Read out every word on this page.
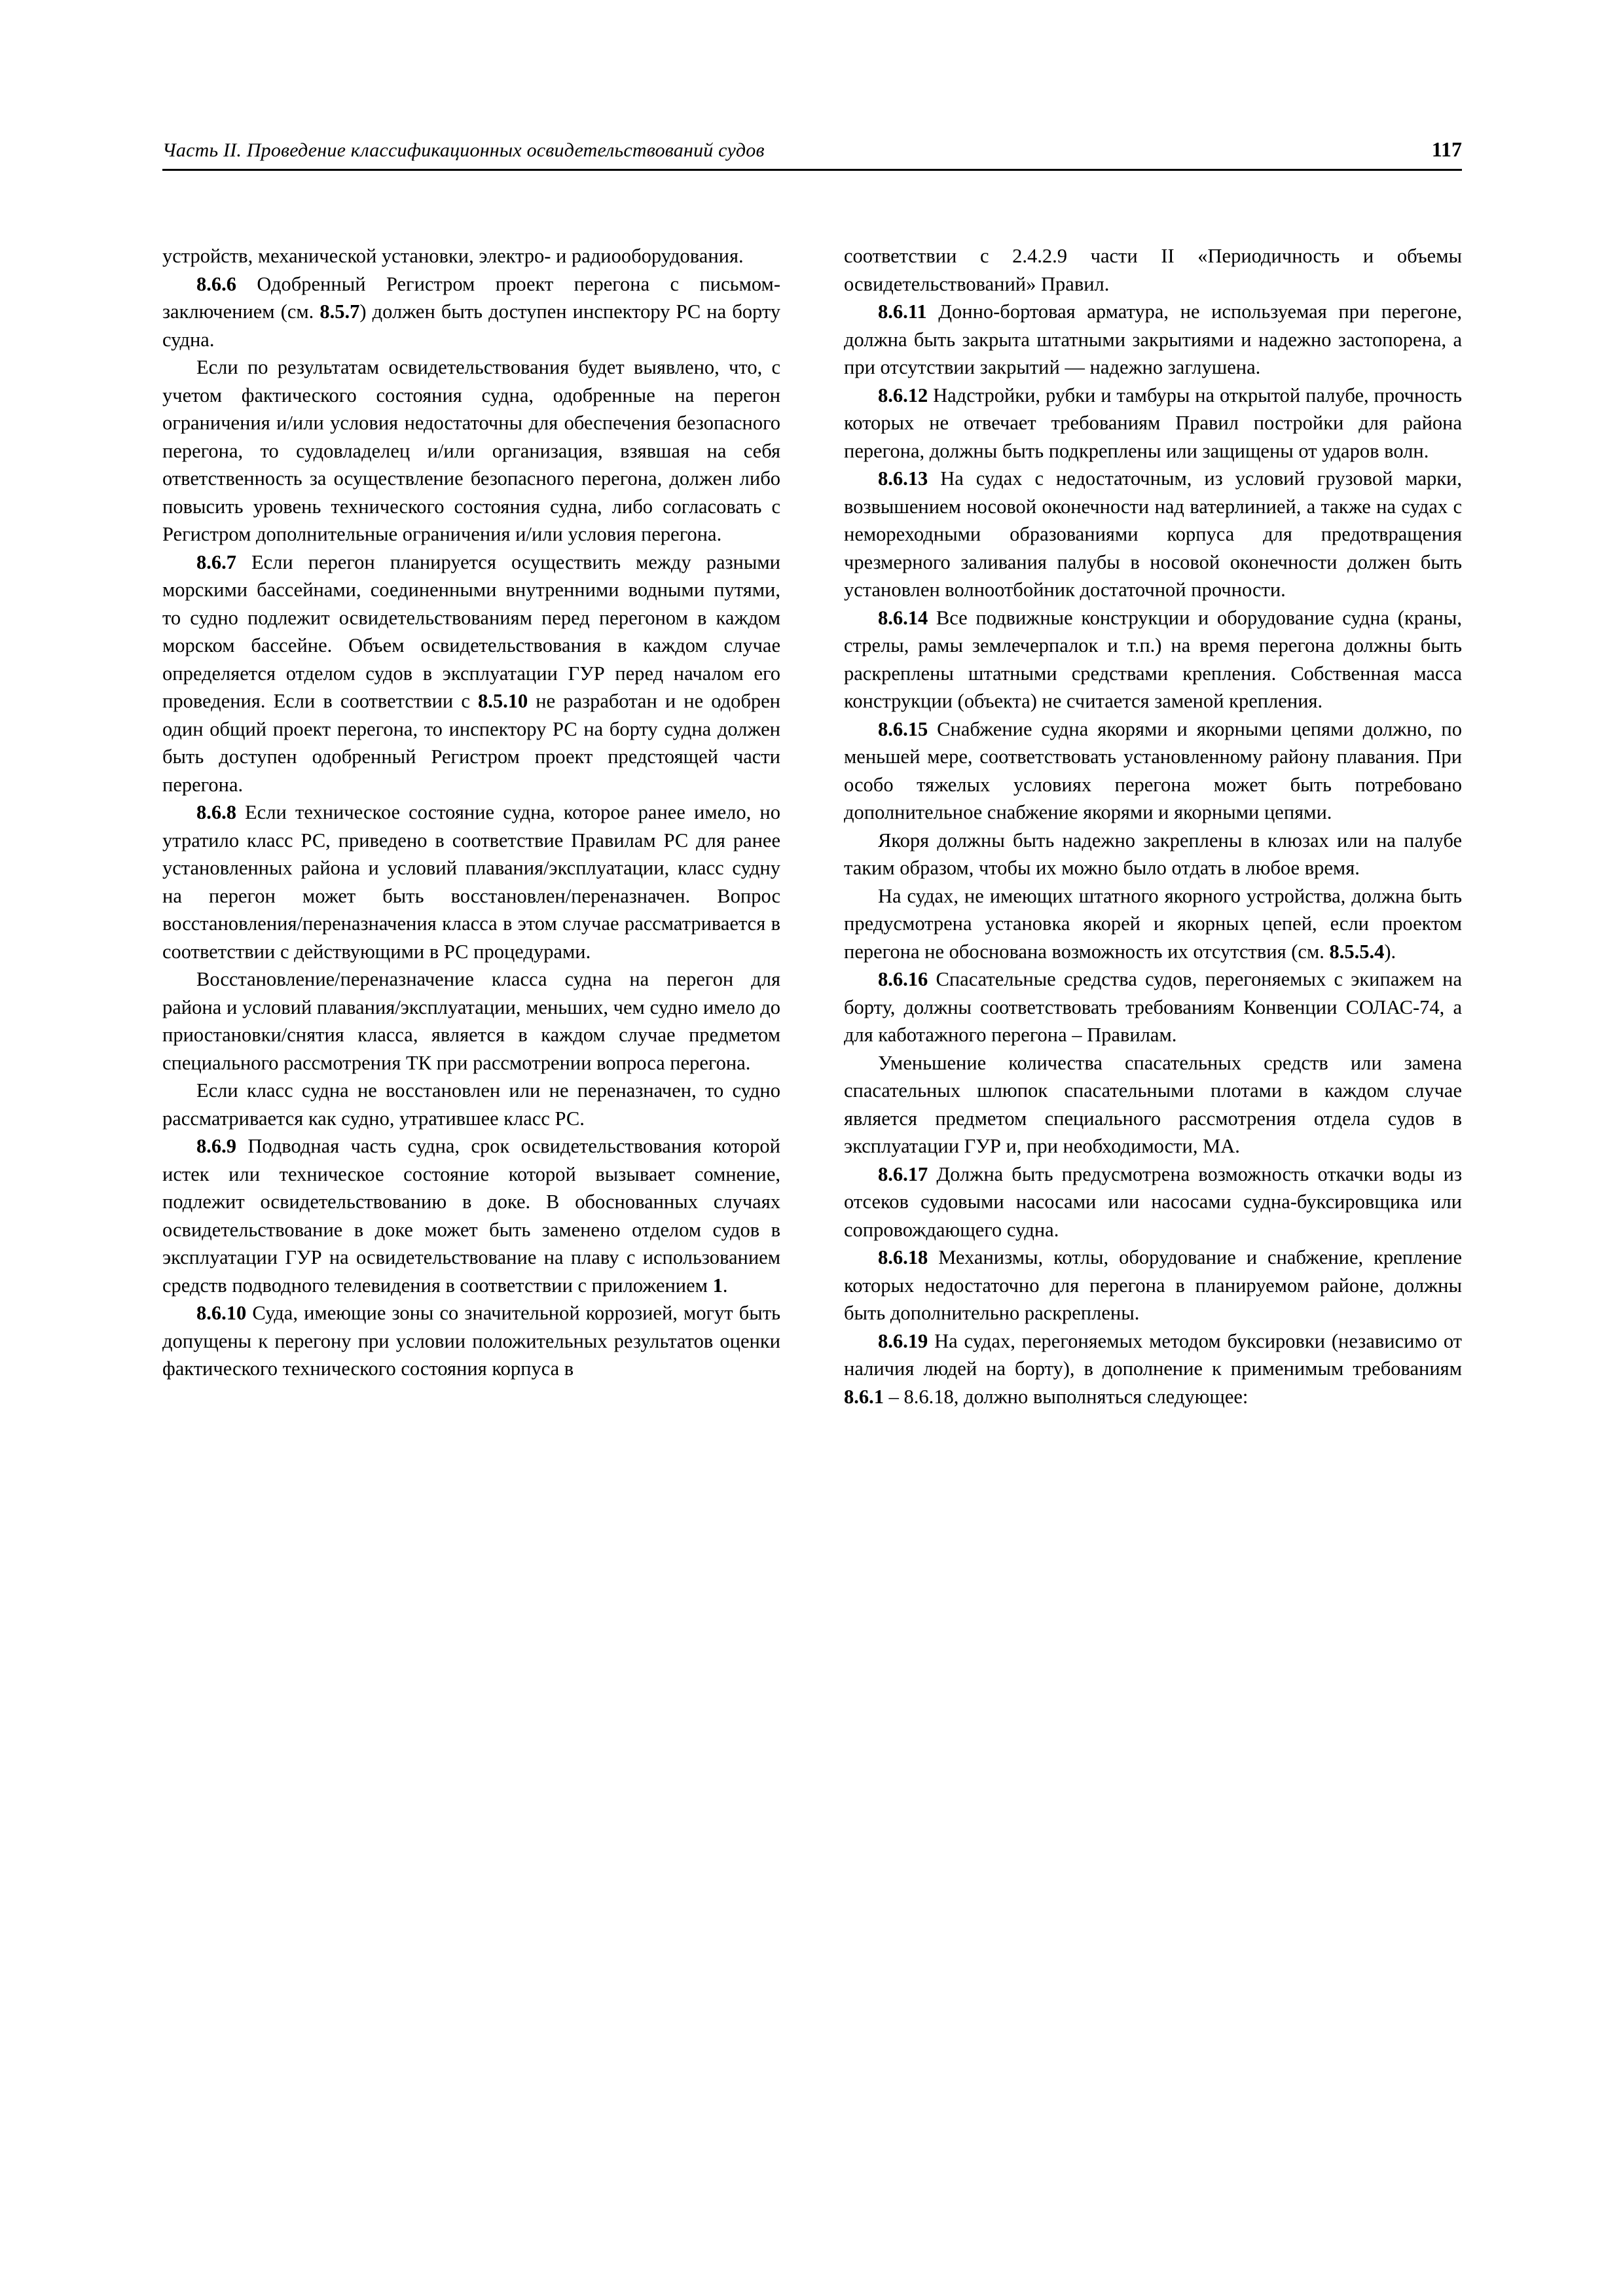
Часть II. Проведение классификационных освидетельствований судов	117

устройств, механической установки, электро- и радиооборудования.

8.6.6 Одобренный Регистром проект перегона с письмом-заключением (см. 8.5.7) должен быть доступен инспектору РС на борту судна.

Если по результатам освидетельствования будет выявлено, что, с учетом фактического состояния судна, одобренные на перегон ограничения и/или условия недостаточны для обеспечения безопасного перегона, то судовладелец и/или организация, взявшая на себя ответственность за осуществление безопасного перегона, должен либо повысить уровень технического состояния судна, либо согласовать с Регистром дополнительные ограничения и/или условия перегона.

8.6.7 Если перегон планируется осуществить между разными морскими бассейнами, соединенными внутренними водными путями, то судно подлежит освидетельствованиям перед перегоном в каждом морском бассейне. Объем освидетельствования в каждом случае определяется отделом судов в эксплуатации ГУР перед началом его проведения. Если в соответствии с 8.5.10 не разработан и не одобрен один общий проект перегона, то инспектору РС на борту судна должен быть доступен одобренный Регистром проект предстоящей части перегона.

8.6.8 Если техническое состояние судна, которое ранее имело, но утратило класс РС, приведено в соответствие Правилам РС для ранее установленных района и условий плавания/эксплуатации, класс судну на перегон может быть восстановлен/переназначен. Вопрос восстановления/переназначения класса в этом случае рассматривается в соответствии с действующими в РС процедурами.

Восстановление/переназначение класса судна на перегон для района и условий плавания/эксплуатации, меньших, чем судно имело до приостановки/снятия класса, является в каждом случае предметом специального рассмотрения ТК при рассмотрении вопроса перегона.

Если класс судна не восстановлен или не переназначен, то судно рассматривается как судно, утратившее класс РС.

8.6.9 Подводная часть судна, срок освидетельствования которой истек или техническое состояние которой вызывает сомнение, подлежит освидетельствованию в доке. В обоснованных случаях освидетельствование в доке может быть заменено отделом судов в эксплуатации ГУР на освидетельствование на плаву с использованием средств подводного телевидения в соответствии с приложением 1.

8.6.10 Суда, имеющие зоны со значительной коррозией, могут быть допущены к перегону при условии положительных результатов оценки фактического технического состояния корпуса в

соответствии с 2.4.2.9 части II «Периодичность и объемы освидетельствований» Правил.

8.6.11 Донно-бортовая арматура, не используемая при перегоне, должна быть закрыта штатными закрытиями и надежно застопорена, а при отсутствии закрытий — надежно заглушена.

8.6.12 Надстройки, рубки и тамбуры на открытой палубе, прочность которых не отвечает требованиям Правил постройки для района перегона, должны быть подкреплены или защищены от ударов волн.

8.6.13 На судах с недостаточным, из условий грузовой марки, возвышением носовой оконечности над ватерлинией, а также на судах с немореходными образованиями корпуса для предотвращения чрезмерного заливания палубы в носовой оконечности должен быть установлен волноотбойник достаточной прочности.

8.6.14 Все подвижные конструкции и оборудование судна (краны, стрелы, рамы землечерпалок и т.п.) на время перегона должны быть раскреплены штатными средствами крепления. Собственная масса конструкции (объекта) не считается заменой крепления.

8.6.15 Снабжение судна якорями и якорными цепями должно, по меньшей мере, соответствовать установленному району плавания. При особо тяжелых условиях перегона может быть потребовано дополнительное снабжение якорями и якорными цепями.

Якоря должны быть надежно закреплены в клюзах или на палубе таким образом, чтобы их можно было отдать в любое время.

На судах, не имеющих штатного якорного устройства, должна быть предусмотрена установка якорей и якорных цепей, если проектом перегона не обоснована возможность их отсутствия (см. 8.5.5.4).

8.6.16 Спасательные средства судов, перегоняемых с экипажем на борту, должны соответствовать требованиям Конвенции СОЛАС-74, а для каботажного перегона – Правилам.

Уменьшение количества спасательных средств или замена спасательных шлюпок спасательными плотами в каждом случае является предметом специального рассмотрения отдела судов в эксплуатации ГУР и, при необходимости, МА.

8.6.17 Должна быть предусмотрена возможность откачки воды из отсеков судовыми насосами или насосами судна-буксировщика или сопровождающего судна.

8.6.18 Механизмы, котлы, оборудование и снабжение, крепление которых недостаточно для перегона в планируемом районе, должны быть дополнительно раскреплены.

8.6.19 На судах, перегоняемых методом буксировки (независимо от наличия людей на борту), в дополнение к применимым требованиям 8.6.1 – 8.6.18, должно выполняться следующее:
